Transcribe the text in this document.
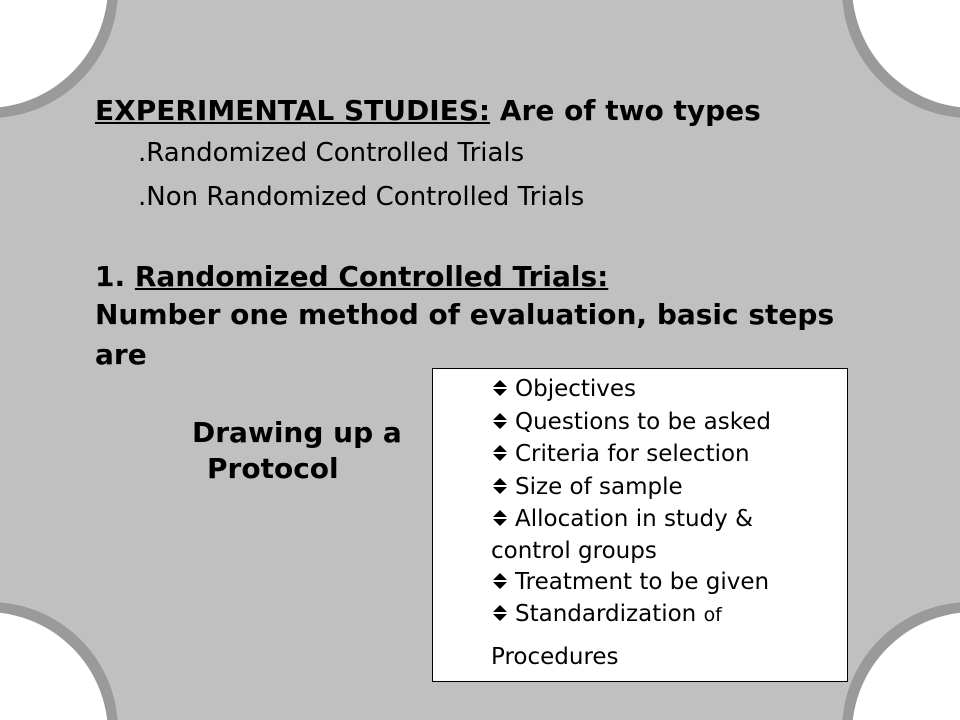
EXPERIMENTAL STUDIES: Are of two types
.Randomized Controlled Trials
.Non Randomized Controlled Trials
1. Randomized Controlled Trials:
Number one method of evaluation, basic steps
are
Drawing up a
Protocol
Objectives
Questions to be asked
Criteria for selection
Size of sample
Allocation in study &
control groups
Treatment to be given
Standardization of
Procedures
